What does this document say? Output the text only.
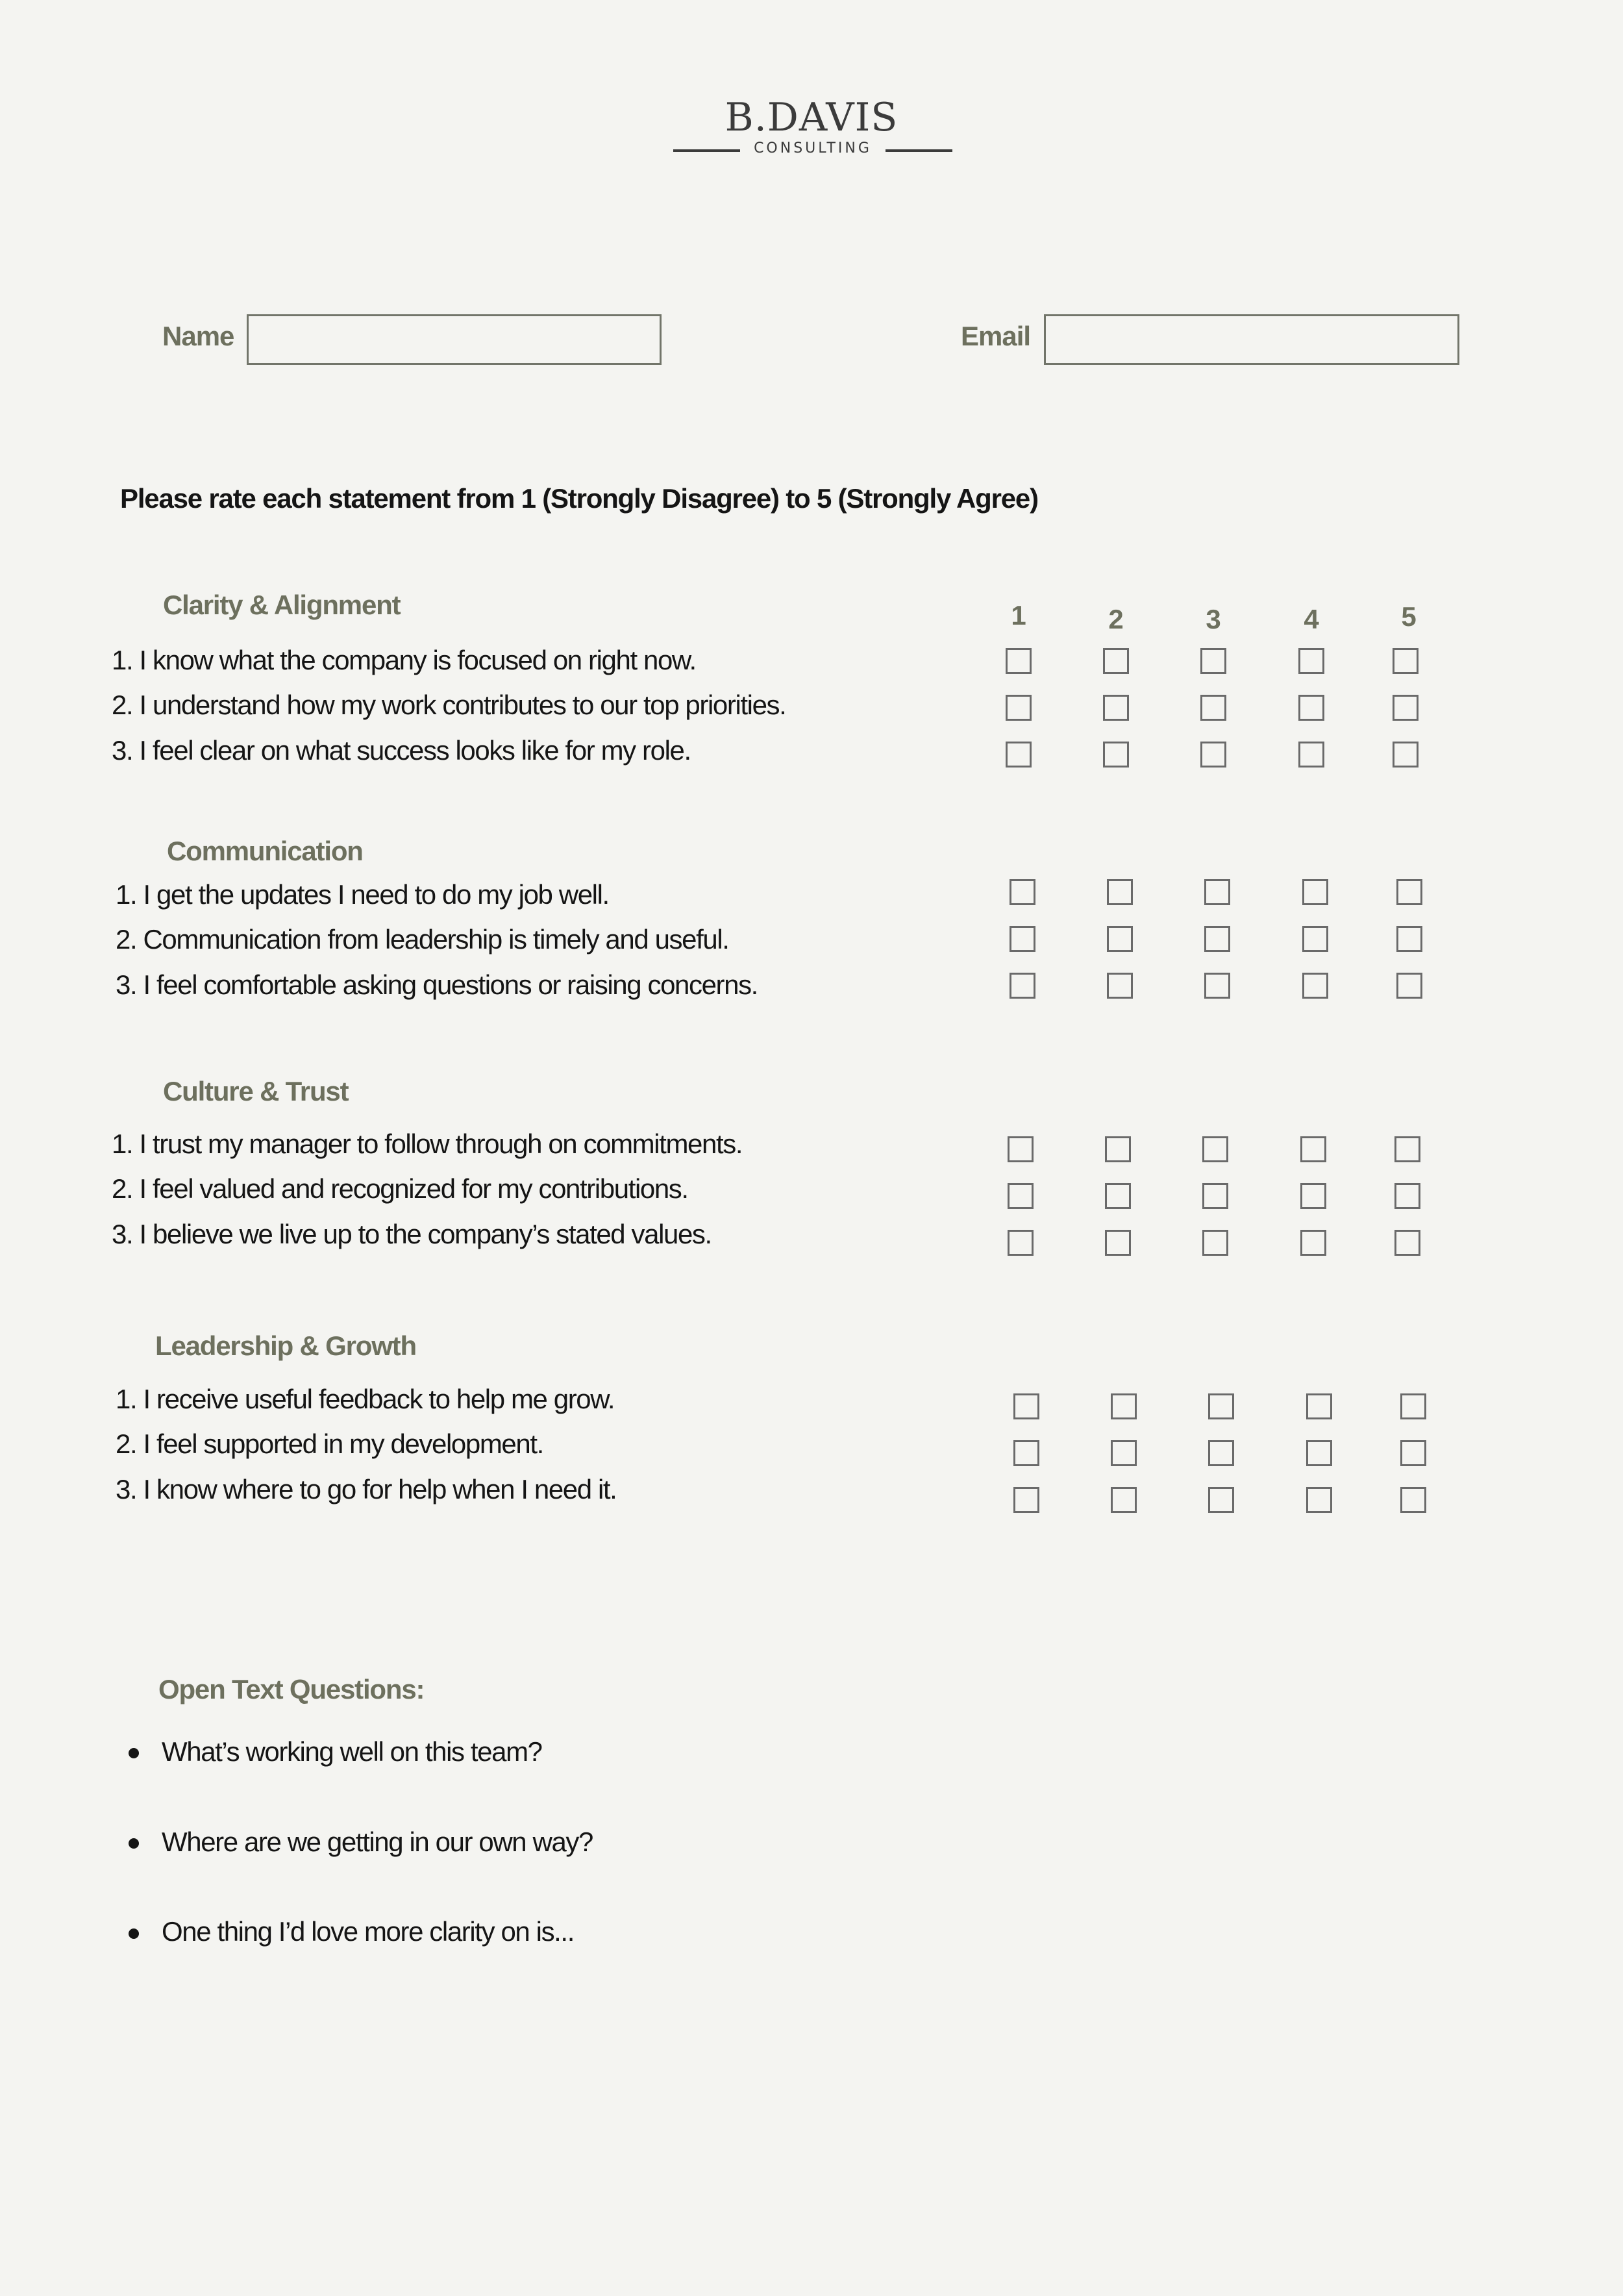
B.DAVIS
CONSULTING
Name	Email
Please rate each statement from 1 (Strongly Disagree) to 5 (Strongly Agree)
1	2	3	4	5
Clarity & Alignment
1. I know what the company is focused on right now.
2. I understand how my work contributes to our top priorities.
3. I feel clear on what success looks like for my role.
Communication
1. I get the updates I need to do my job well.
2. Communication from leadership is timely and useful.
3. I feel comfortable asking questions or raising concerns.
Culture & Trust
1. I trust my manager to follow through on commitments.
2. I feel valued and recognized for my contributions.
3. I believe we live up to the company’s stated values.
Leadership & Growth
1. I receive useful feedback to help me grow.
2. I feel supported in my development.
3. I know where to go for help when I need it.
Open Text Questions:
What’s working well on this team?
Where are we getting in our own way?
One thing I’d love more clarity on is...
